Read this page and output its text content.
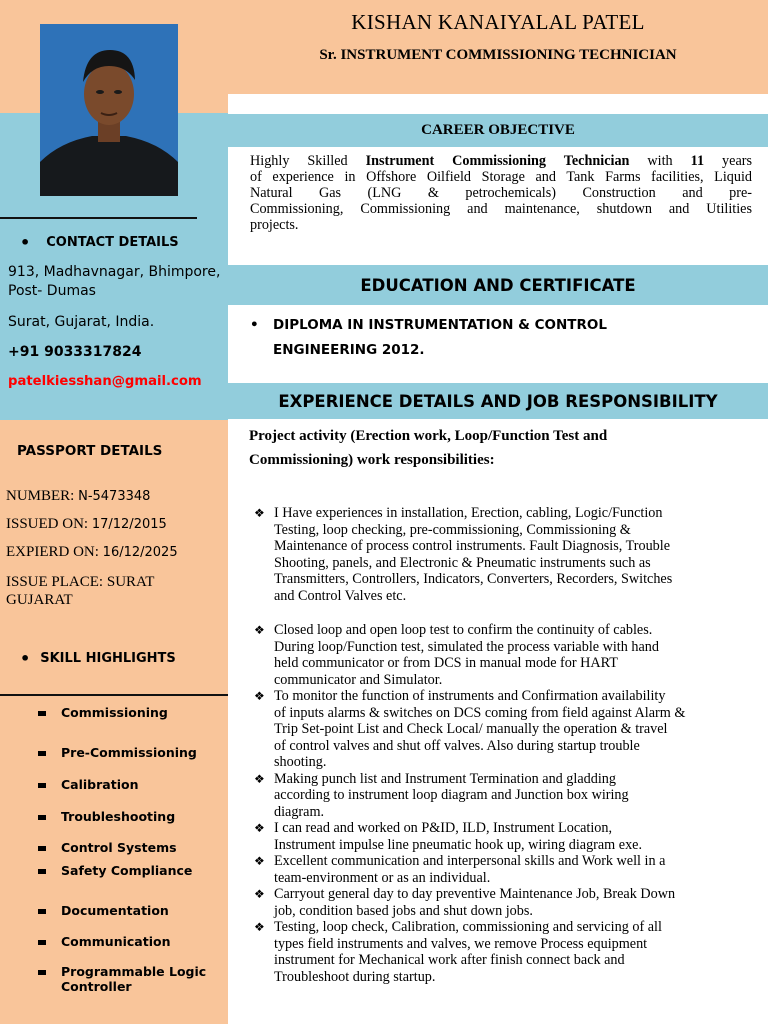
KISHAN KANAIYALAL PATEL
Sr. INSTRUMENT COMMISSIONING TECHNICIAN
• CONTACT DETAILS
913, Madhavnagar, Bhimpore,
Post- Dumas
Surat, Gujarat, India.
+91 9033317824
patelkiesshan@gmail.com
PASSPORT DETAILS
NUMBER: N-5473348
ISSUED ON: 17/12/2015
EXPIERD ON: 16/12/2025
ISSUE PLACE: SURAT
GUJARAT
• SKILL HIGHLIGHTS
Commissioning
Pre-Commissioning
Calibration
Troubleshooting
Control Systems
Safety Compliance
Documentation
Communication
Programmable Logic
Controller
CAREER OBJECTIVE
Highly Skilled Instrument Commissioning Technician with 11 years
of experience in Offshore Oilfield Storage and Tank Farms facilities, Liquid
Natural Gas (LNG & petrochemicals) Construction and pre-
Commissioning, Commissioning and maintenance, shutdown and Utilities
projects.
EDUCATION AND CERTIFICATE
• DIPLOMA IN INSTRUMENTATION & CONTROL
ENGINEERING 2012.
EXPERIENCE DETAILS AND JOB RESPONSIBILITY
Project activity (Erection work, Loop/Function Test and
Commissioning) work responsibilities:
❖ I Have experiences in installation, Erection, cabling, Logic/Function
Testing, loop checking, pre-commissioning, Commissioning &
Maintenance of process control instruments. Fault Diagnosis, Trouble
Shooting, panels, and Electronic & Pneumatic instruments such as
Transmitters, Controllers, Indicators, Converters, Recorders, Switches
and Control Valves etc.
❖ Closed loop and open loop test to confirm the continuity of cables.
During loop/Function test, simulated the process variable with hand
held communicator or from DCS in manual mode for HART
communicator and Simulator.
❖ To monitor the function of instruments and Confirmation availability
of inputs alarms & switches on DCS coming from field against Alarm &
Trip Set-point List and Check Local/ manually the operation & travel
of control valves and shut off valves. Also during startup trouble
shooting.
❖ Making punch list and Instrument Termination and gladding
according to instrument loop diagram and Junction box wiring
diagram.
❖ I can read and worked on P&ID, ILD, Instrument Location,
Instrument impulse line pneumatic hook up, wiring diagram exe.
❖ Excellent communication and interpersonal skills and Work well in a
team-environment or as an individual.
❖ Carryout general day to day preventive Maintenance Job, Break Down
job, condition based jobs and shut down jobs.
❖ Testing, loop check, Calibration, commissioning and servicing of all
types field instruments and valves, we remove Process equipment
instrument for Mechanical work after finish connect back and
Troubleshoot during startup.
